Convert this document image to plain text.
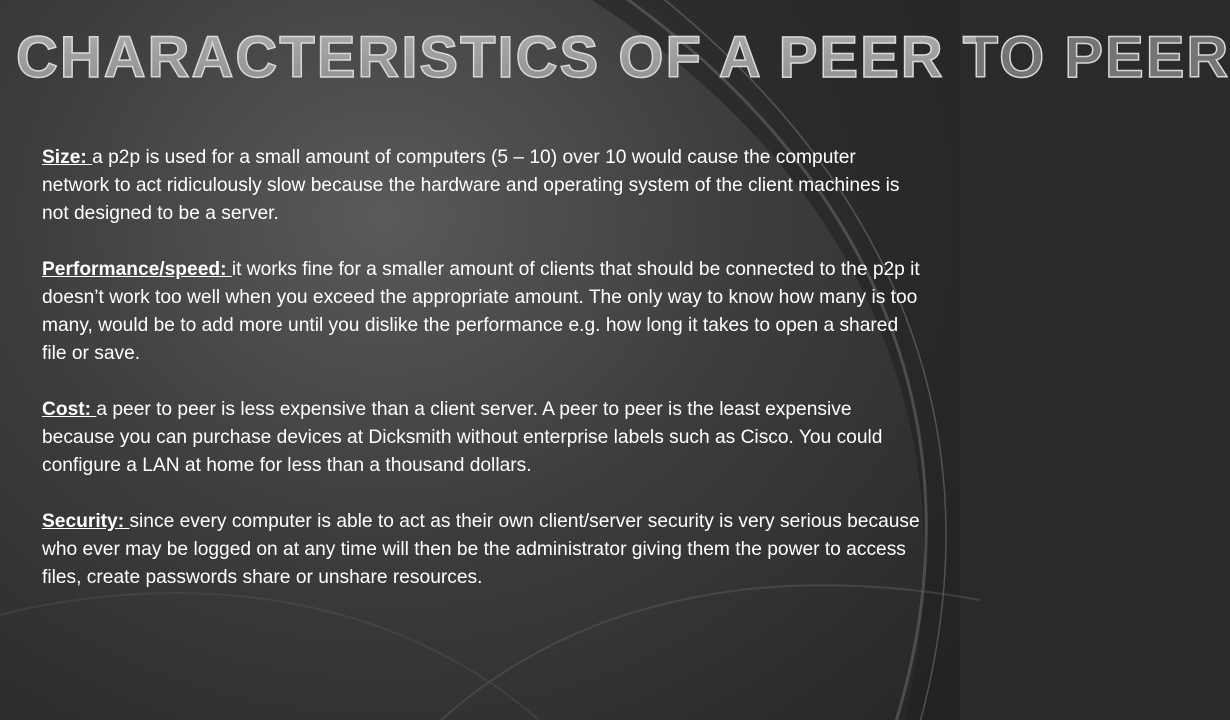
CHARACTERISTICS OF A PEER TO PEER

Size: a p2p is used for a small amount of computers (5 – 10) over 10 would cause the computer network to act ridiculously slow because the hardware and operating system of the client machines is not designed to be a server.

Performance/speed: it works fine for a smaller amount of clients that should be connected to the p2p it doesn’t work too well when you exceed the appropriate amount. The only way to know how many is too many, would be to add more until you dislike the performance e.g. how long it takes to open a shared file or save.

Cost: a peer to peer is less expensive than a client server. A peer to peer is the least expensive because you can purchase devices at Dicksmith without enterprise labels such as Cisco. You could configure a LAN at home for less than a thousand dollars.

Security: since every computer is able to act as their own client/server security is very serious because who ever may be logged on at any time will then be the administrator giving them the power to access files, create passwords share or unshare resources.
